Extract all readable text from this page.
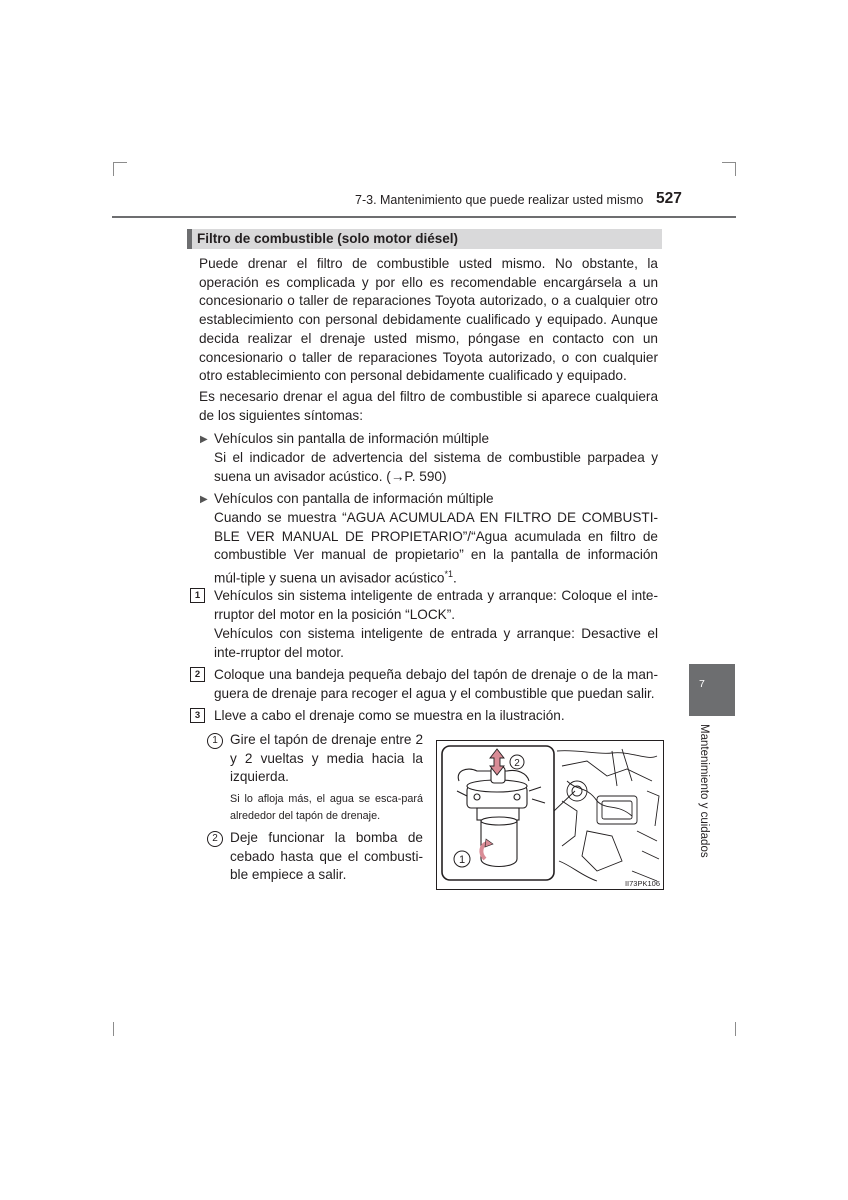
7-3. Mantenimiento que puede realizar usted mismo 527
Filtro de combustible (solo motor diésel)
Puede drenar el filtro de combustible usted mismo. No obstante, la operación es complicada y por ello es recomendable encargársela a un concesionario o taller de reparaciones Toyota autorizado, o a cualquier otro establecimiento con personal debidamente cualificado y equipado. Aunque decida realizar el drenaje usted mismo, póngase en contacto con un concesionario o taller de reparaciones Toyota autorizado, o con cualquier otro establecimiento con personal debidamente cualificado y equipado.
Es necesario drenar el agua del filtro de combustible si aparece cualquiera de los siguientes síntomas:
▶ Vehículos sin pantalla de información múltiple
Si el indicador de advertencia del sistema de combustible parpadea y suena un avisador acústico. (→P. 590)
▶ Vehículos con pantalla de información múltiple
Cuando se muestra “AGUA ACUMULADA EN FILTRO DE COMBUSTI-BLE VER MANUAL DE PROPIETARIO”/“Agua acumulada en filtro de combustible Ver manual de propietario” en la pantalla de información múl-tiple y suena un avisador acústico$^{*1}$.
1	Vehículos sin sistema inteligente de entrada y arranque: Coloque el inte-rruptor del motor en la posición “LOCK”.
Vehículos con sistema inteligente de entrada y arranque: Desactive el inte-rruptor del motor.
2	Coloque una bandeja pequeña debajo del tapón de drenaje o de la man-guera de drenaje para recoger el agua y el combustible que puedan salir.
3	Lleve a cabo el drenaje como se muestra en la ilustración.
1 Gire el tapón de drenaje entre 2 y 2 vueltas y media hacia la izquierda.
Si lo afloja más, el agua se esca-pará alrededor del tapón de drenaje.
2 Deje funcionar la bomba de cebado hasta que el combusti-ble empiece a salir.
2
1
II73PK106
7
Mantenimiento y cuidados
